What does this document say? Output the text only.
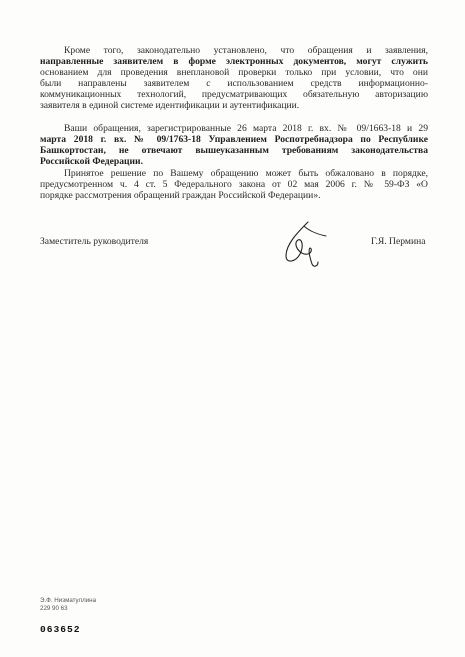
Кроме того, законодательно установлено, что обращения и заявления,
направленные заявителем в форме электронных документов, могут служить
основанием для проведения внеплановой проверки только при условии, что они
были направлены заявителем с использованием средств информационно-
коммуникационных технологий, предусматривающих обязательную авторизацию
заявителя в единой системе идентификации и аутентификации.
Ваши обращения, зарегистрированные 26 марта 2018 г. вх. № 09/1663-18 и 29
марта 2018 г. вх. № 09/1763-18 Управлением Роспотребнадзора по Республике
Башкортостан, не отвечают вышеуказанным требованиям законодательства
Российской Федерации.
Принятое решение по Вашему обращению может быть обжаловано в порядке,
предусмотренном ч. 4 ст. 5 Федерального закона от 02 мая 2006 г. № 59-ФЗ «О
порядке рассмотрения обращений граждан Российской Федерации».
Заместитель руководителя	Г.Я. Пермина
Э.Ф. Низматуллина
229 90 63
063652
